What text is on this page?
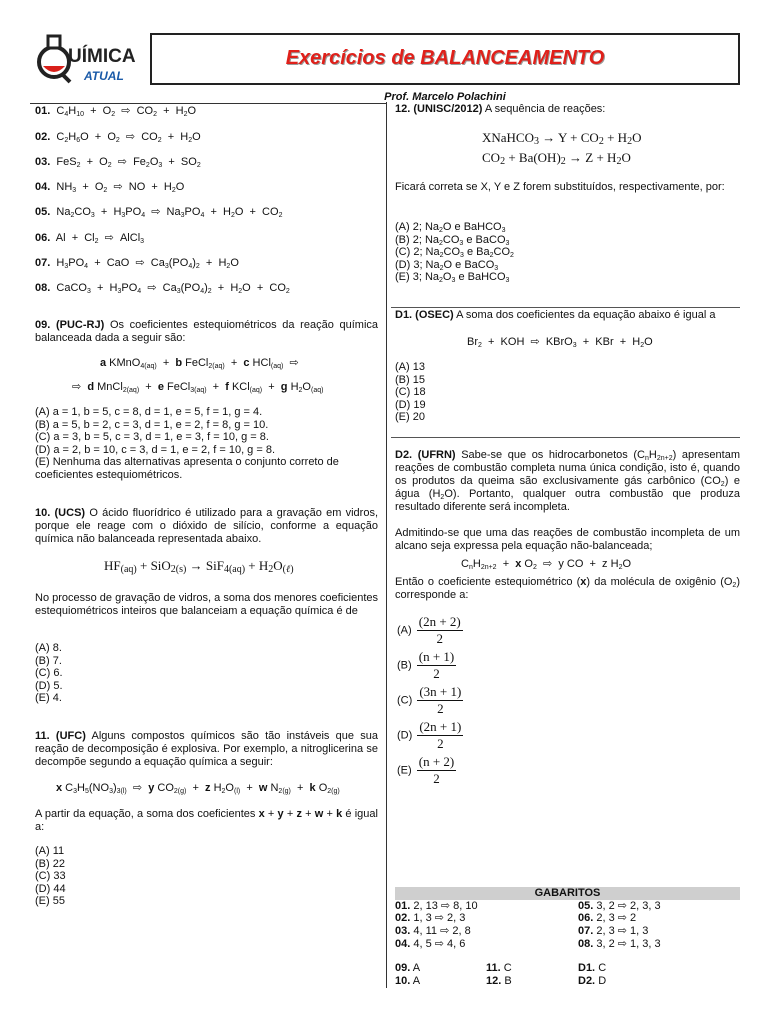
UÍMICA
ATUAL
Exercícios de BALANCEAMENTO
Prof. Marcelo Polachini
01.  $C_4H_{10} + O_2$  ⇨  $CO_2 + H_2O$
02.  $C_2H_6O + O_2$  ⇨  $CO_2 + H_2O$
03.  $FeS_2 + O_2$  ⇨  $Fe_2O_3 + SO_2$
04.  $NH_3 + O_2$  ⇨  NO  +  $H_2O$
05.  $Na_2CO_3 + H_3PO_4$  ⇨  $Na_3PO_4 + H_2O + CO_2$
06.  $Al + Cl_2$  ⇨  AlCl$_3$
07.  $H_3PO_4$  +  CaO  ⇨  $Ca_3(PO_4)_2 + H_2O$
08.  CaCO$_3$  +  $H_3PO_4$  ⇨  $Ca_3(PO_4)_2 + H_2O + CO_2$
09. (PUC-RJ) Os coeficientes estequiométricos da reação química balanceada dada a seguir são:
a KMnO$_{4(aq)}$  +  b FeCl$_{2(aq)}$  +  c HCl$_{(aq)}$  ⇨
⇨  d MnCl$_{2(aq)}$  +  e FeCl$_{3(aq)}$  +  f KCl$_{(aq)}$  +  g $H_2O_{(aq)}$
(A) a = 1, b = 5, c = 8, d = 1, e = 5, f = 1, g = 4.
(B) a = 5, b = 2, c = 3, d = 1, e = 2, f = 8, g = 10.
(C) a = 3, b = 5, c = 3, d = 1, e = 3, f = 10, g = 8.
(D) a = 2, b = 10, c = 3, d = 1, e = 2, f = 10, g = 8.
(E) Nenhuma das alternativas apresenta o conjunto correto de coeficientes estequiométricos.
10. (UCS) O ácido fluorídrico é utilizado para a gravação em vidros, porque ele reage com o dióxido de silício, conforme a equação química não balanceada representada abaixo.
$HF_{(aq)} + SiO_{2(s)} \to SiF_{4(aq)} + H_2O_{(\ell)}$
No processo de gravação de vidros, a soma dos menores coeficientes estequiométricos inteiros que balanceiam a equação química é de
(A) 8.
(B) 7.
(C) 6.
(D) 5.
(E) 4.
11. (UFC) Alguns compostos químicos são tão instáveis que sua reação de decomposição é explosiva. Por exemplo, a nitroglicerina se decompõe segundo a equação química a seguir:
x $C_3H_5(NO_3)_{3(l)}$  ⇨  y $CO_{2(g)} + z$ $H_2O_{(l)} + w$ $N_{2(g)} + k$ $O_{2(g)}$
A partir da equação, a soma dos coeficientes x + y + z + w + k é igual a:
(A) 11
(B) 22
(C) 33
(D) 44
(E) 55
12. (UNISC/2012) A sequência de reações:
XNaHCO$_3$ → $Y + CO_2 + H_2O$
$CO_2 + Ba(OH)_2 \to Z + H_2O$
Ficará correta se X, Y e Z forem substituídos, respectivamente, por:
(A) 2; $Na_2O$ e BaHCO$_3$
(B) 2; $Na_2CO_3$ e BaCO$_3$
(C) 2; $Na_2CO_3$ e $Ba_2CO_2$
(D) 3; $Na_2O$ e BaCO$_3$
(E) 3; $Na_2O_3$ e BaHCO$_3$
D1. (OSEC) A soma dos coeficientes da equação abaixo é igual a
$Br_2$  +  KOH  ⇨  KBrO$_3$  +  KBr  +  $H_2O$
(A) 13
(B) 15
(C) 18
(D) 19
(E) 20
D2. (UFRN) Sabe-se que os hidrocarbonetos $(C_nH_{2n+2})$ apresentam reações de combustão completa numa única condição, isto é, quando os produtos da queima são exclusivamente gás carbônico $(CO_2)$ e água $(H_2O)$. Portanto, qualquer outra combustão que produza resultado diferente será incompleta.
Admitindo-se que uma das reações de combustão incompleta de um alcano seja expressa pela equação não-balanceada;
$C_nH_{2n+2} + x$ $O_2$  ⇨  y CO  +  z $H_2O$
Então o coeficiente estequiométrico (x) da molécula de oxigênio $(O_2)$ corresponde a:
$(A) \frac{(2n + 2)}{2}$
$(B) \frac{(n + 1)}{2}$
$(C) \frac{(3n + 1)}{2}$
$(D) \frac{(2n + 1)}{2}$
$(E) \frac{(n + 2)}{2}$
GABARITOS
01. 2, 13 ⇨ 8, 10
02. 1, 3 ⇨ 2, 3
03. 4, 11 ⇨ 2, 8
04. 4, 5 ⇨ 4, 6
05. 3, 2 ⇨ 2, 3, 3
06. 2, 3 ⇨ 2
07. 2, 3 ⇨ 1, 3
08. 3, 2 ⇨ 1, 3, 3
09. A	11. C	D1. C
10. A	12. B	D2. D
